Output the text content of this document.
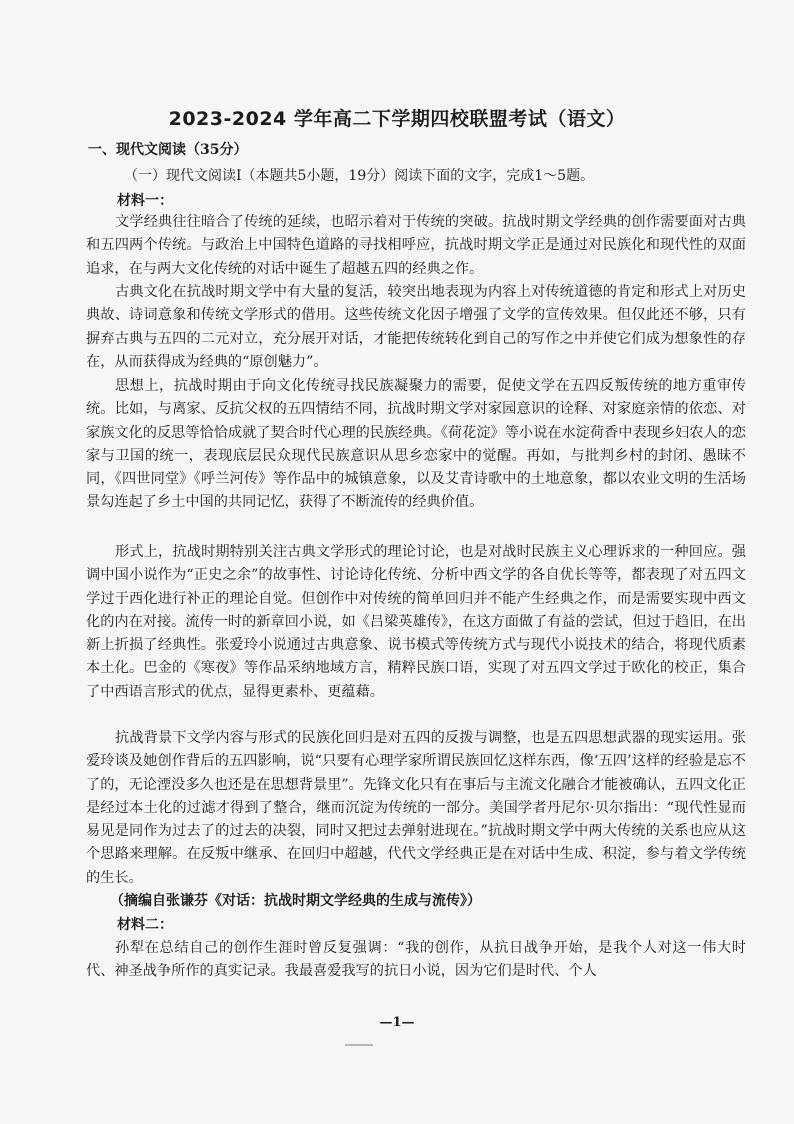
2023-2024 学年高二下学期四校联盟考试（语文）
一、现代文阅读（35分）
（一）现代文阅读Ⅰ（本题共5小题，19分）阅读下面的文字，完成1～5题。
材料一：

文学经典往往暗合了传统的延续，也昭示着对于传统的突破。抗战时期文学经典的创作需要面对古典和五四两个传统。与政治上中国特色道路的寻找相呼应，抗战时期文学正是通过对民族化和现代性的双面追求，在与两大文化传统的对话中诞生了超越五四的经典之作。

古典文化在抗战时期文学中有大量的复活，较突出地表现为内容上对传统道德的肯定和形式上对历史典故、诗词意象和传统文学形式的借用。这些传统文化因子增强了文学的宣传效果。但仅此还不够，只有摒弃古典与五四的二元对立，充分展开对话，才能把传统转化到自己的写作之中并使它们成为想象性的存在，从而获得成为经典的“原创魅力”。

思想上，抗战时期由于向文化传统寻找民族凝聚力的需要，促使文学在五四反叛传统的地方重审传统。比如，与离家、反抗父权的五四情结不同，抗战时期文学对家园意识的诠释、对家庭亲情的依恋、对家族文化的反思等恰恰成就了契合时代心理的民族经典。《荷花淀》等小说在水淀荷香中表现乡妇农人的恋家与卫国的统一，表现底层民众现代民族意识从思乡恋家中的觉醒。再如，与批判乡村的封闭、愚昧不同，《四世同堂》《呼兰河传》等作品中的城镇意象，以及艾青诗歌中的土地意象，都以农业文明的生活场景勾连起了乡土中国的共同记忆，获得了不断流传的经典价值。

形式上，抗战时期特别关注古典文学形式的理论讨论，也是对战时民族主义心理诉求的一种回应。强调中国小说作为“正史之余”的故事性、讨论诗化传统、分析中西文学的各自优长等等，都表现了对五四文学过于西化进行补正的理论自觉。但创作中对传统的简单回归并不能产生经典之作，而是需要实现中西文化的内在对接。流传一时的新章回小说，如《吕梁英雄传》，在这方面做了有益的尝试，但过于趋旧，在出新上折损了经典性。张爱玲小说通过古典意象、说书模式等传统方式与现代小说技术的结合，将现代质素本土化。巴金的《寒夜》等作品采纳地域方言，精粹民族口语，实现了对五四文学过于欧化的校正，集合了中西语言形式的优点，显得更素朴、更蕴藉。

抗战背景下文学内容与形式的民族化回归是对五四的反拨与调整，也是五四思想武器的现实运用。张爱玲谈及她创作背后的五四影响，说“只要有心理学家所谓民族回忆这样东西，像‘五四’这样的经验是忘不了的，无论湮没多久也还是在思想背景里”。先锋文化只有在事后与主流文化融合才能被确认，五四文化正是经过本土化的过滤才得到了整合，继而沉淀为传统的一部分。美国学者丹尼尔·贝尔指出：“现代性显而易见是同作为过去了的过去的决裂，同时又把过去弹射进现在。”抗战时期文学中两大传统的关系也应从这个思路来理解。在反叛中继承、在回归中超越，代代文学经典正是在对话中生成、积淀，参与着文学传统的生长。

（摘编自张谦芬《对话：抗战时期文学经典的生成与流传》）
材料二：

孙犁在总结自己的创作生涯时曾反复强调：“我的创作，从抗日战争开始，是我个人对这一伟大时代、神圣战争所作的真实记录。我最喜爱我写的抗日小说，因为它们是时代、个人

—1—
